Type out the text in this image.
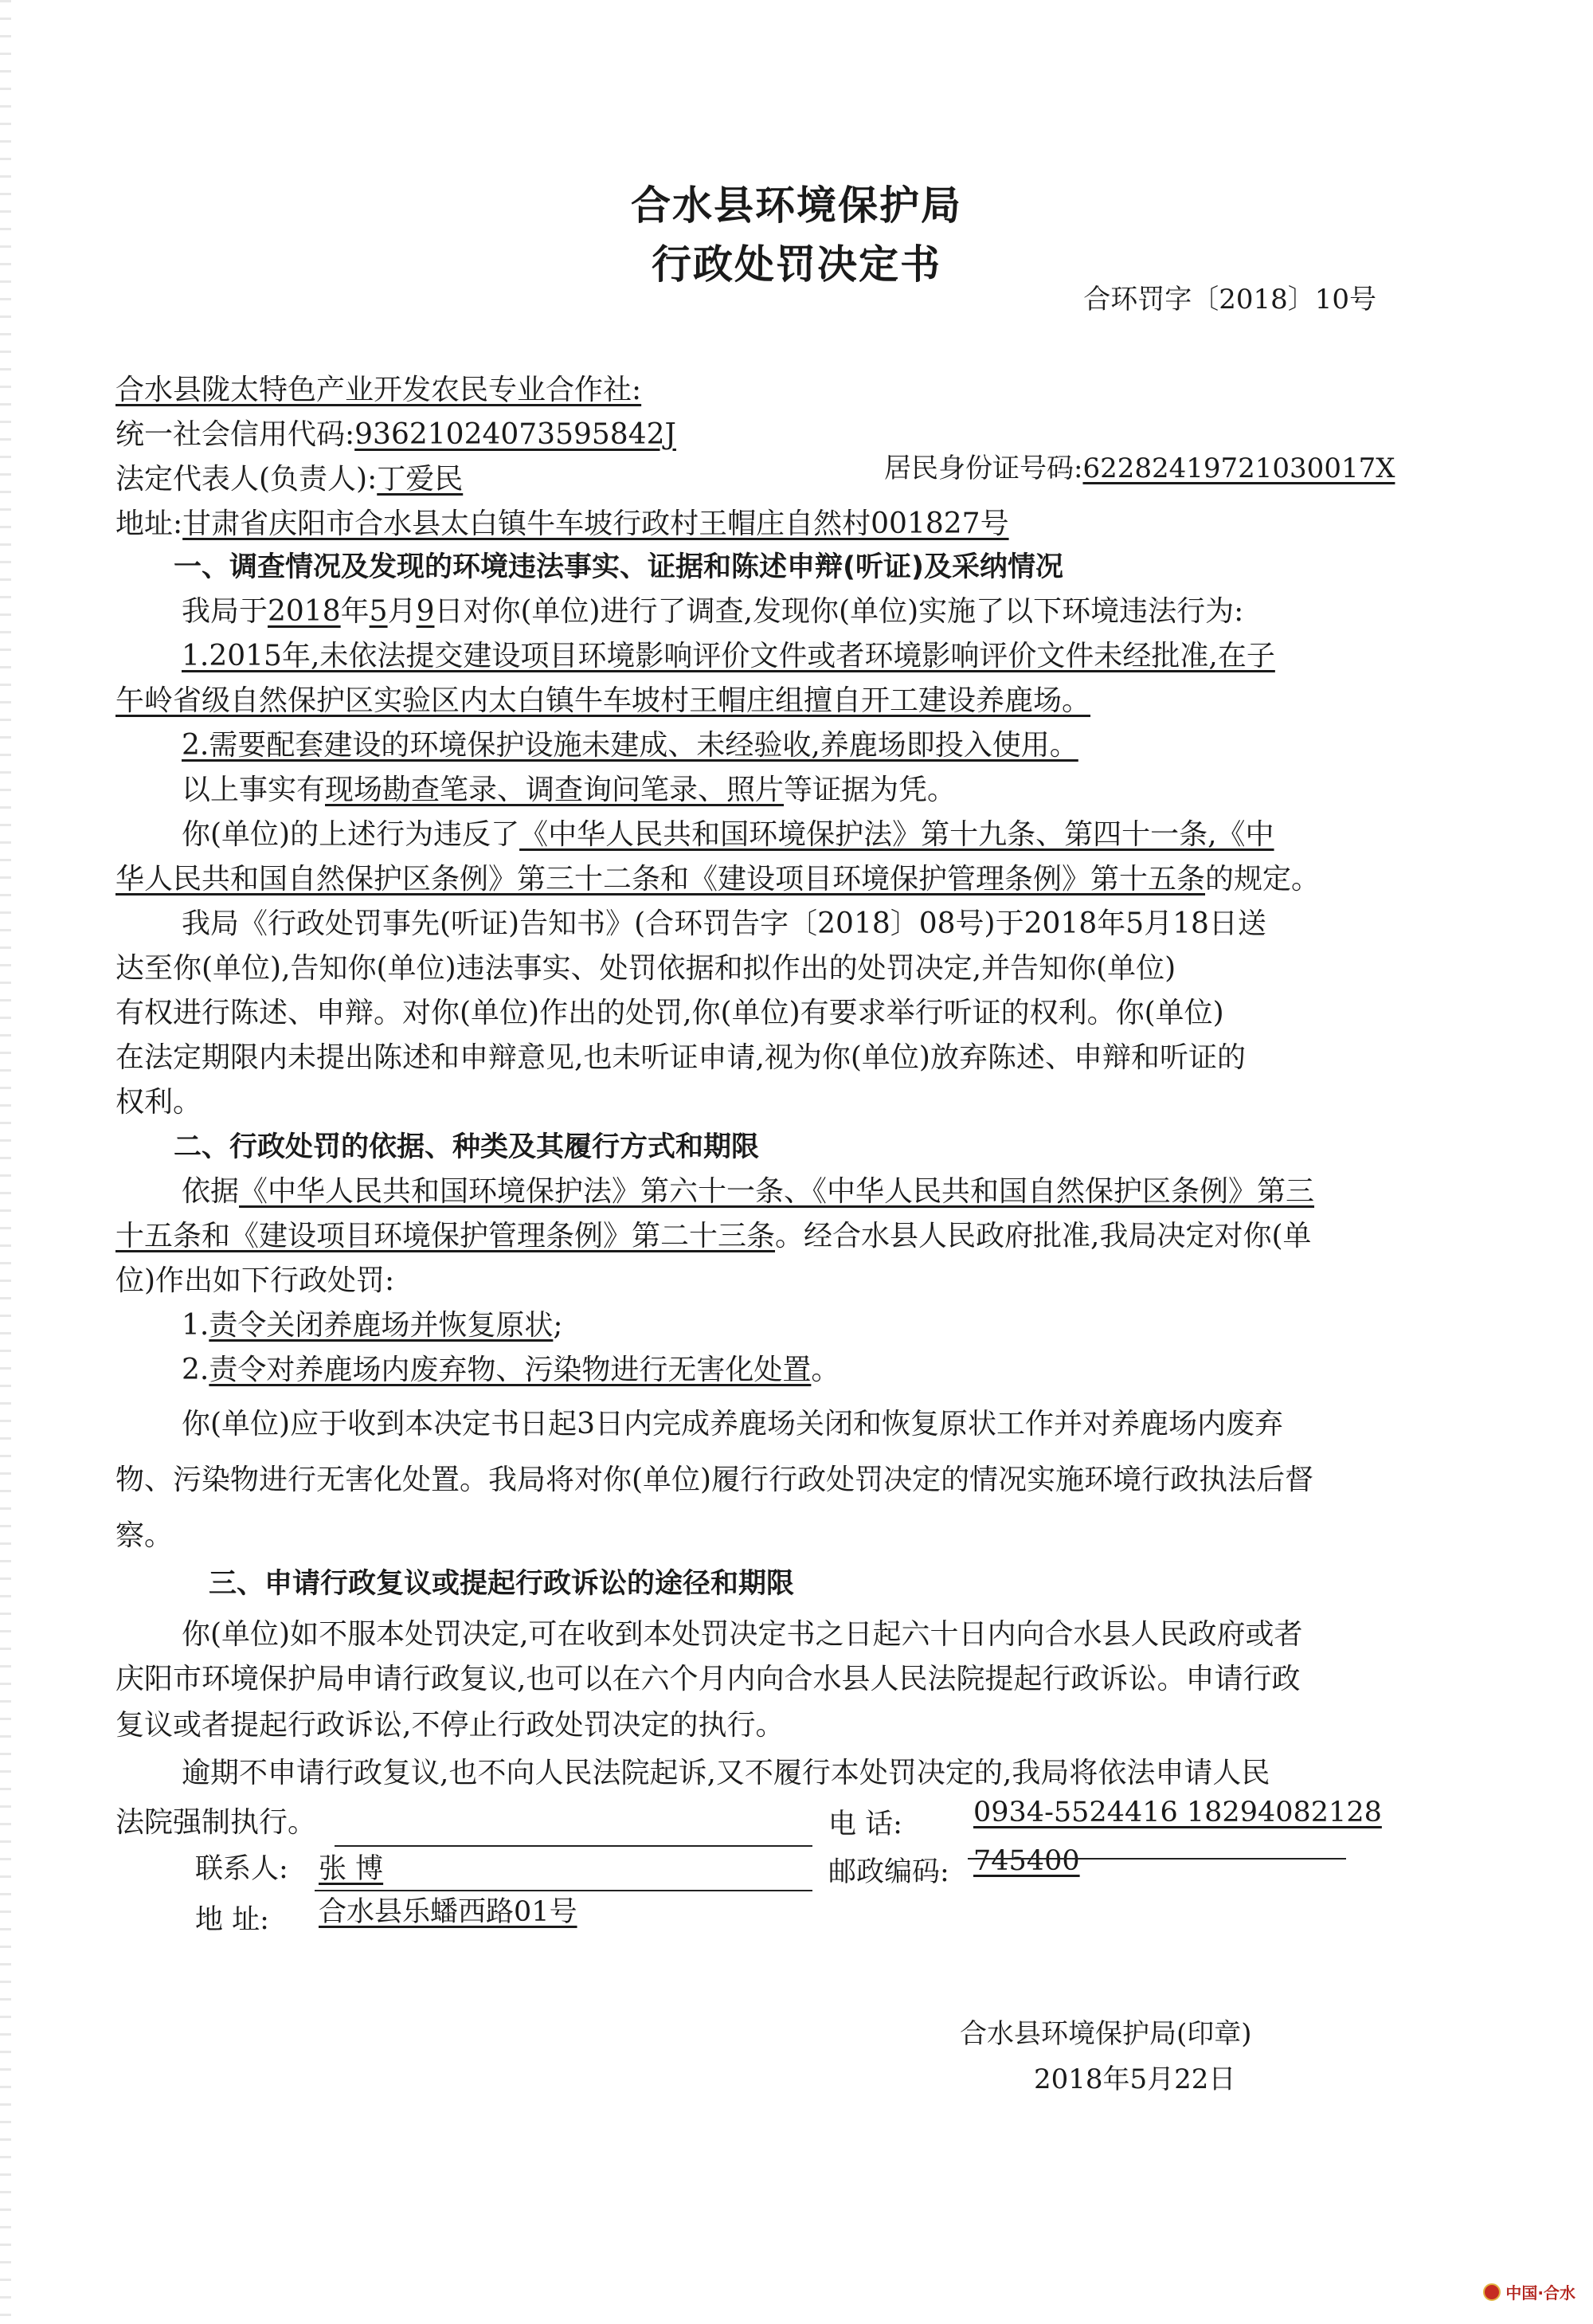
合水县环境保护局
行政处罚决定书

合环罚字〔2018〕10号

合水县陇太特色产业开发农民专业合作社:

统一社会信用代码:93621024073595842J

法定代表人(负责人):丁爱民	居民身份证号码:62282419721030017X

地址:甘肃省庆阳市合水县太白镇牛车坡行政村王帽庄自然村001827号

一、调查情况及发现的环境违法事实、证据和陈述申辩(听证)及采纳情况

我局于2018年5月9日对你(单位)进行了调查,发现你(单位)实施了以下环境违法行为:

1.2015年,未依法提交建设项目环境影响评价文件或者环境影响评价文件未经批准,在子

午岭省级自然保护区实验区内太白镇牛车坡村王帽庄组擅自开工建设养鹿场。

2.需要配套建设的环境保护设施未建成、未经验收,养鹿场即投入使用。

以上事实有现场勘查笔录、调查询问笔录、照片等证据为凭。

你(单位)的上述行为违反了《中华人民共和国环境保护法》第十九条、第四十一条,《中

华人民共和国自然保护区条例》第三十二条和《建设项目环境保护管理条例》第十五条的规定。

我局《行政处罚事先(听证)告知书》(合环罚告字〔2018〕08号)于2018年5月18日送

达至你(单位),告知你(单位)违法事实、处罚依据和拟作出的处罚决定,并告知你(单位)

有权进行陈述、申辩。对你(单位)作出的处罚,你(单位)有要求举行听证的权利。你(单位)

在法定期限内未提出陈述和申辩意见,也未听证申请,视为你(单位)放弃陈述、申辩和听证的

权利。

二、行政处罚的依据、种类及其履行方式和期限

依据《中华人民共和国环境保护法》第六十一条、《中华人民共和国自然保护区条例》第三

十五条和《建设项目环境保护管理条例》第二十三条。经合水县人民政府批准,我局决定对你(单

位)作出如下行政处罚:

1.责令关闭养鹿场并恢复原状;

2.责令对养鹿场内废弃物、污染物进行无害化处置。

你(单位)应于收到本决定书日起3日内完成养鹿场关闭和恢复原状工作并对养鹿场内废弃

物、污染物进行无害化处置。我局将对你(单位)履行行政处罚决定的情况实施环境行政执法后督

察。

三、申请行政复议或提起行政诉讼的途径和期限

你(单位)如不服本处罚决定,可在收到本处罚决定书之日起六十日内向合水县人民政府或者

庆阳市环境保护局申请行政复议,也可以在六个月内向合水县人民法院提起行政诉讼。申请行政

复议或者提起行政诉讼,不停止行政处罚决定的执行。

逾期不申请行政复议,也不向人民法院起诉,又不履行本处罚决定的,我局将依法申请人民

法院强制执行。	电 话:	0934-5524416 18294082128

联系人: 张 博	邮政编码: 745400

地 址: 合水县乐蟠西路01号

合水县环境保护局(印章)

2018年5月22日

中国·合水
